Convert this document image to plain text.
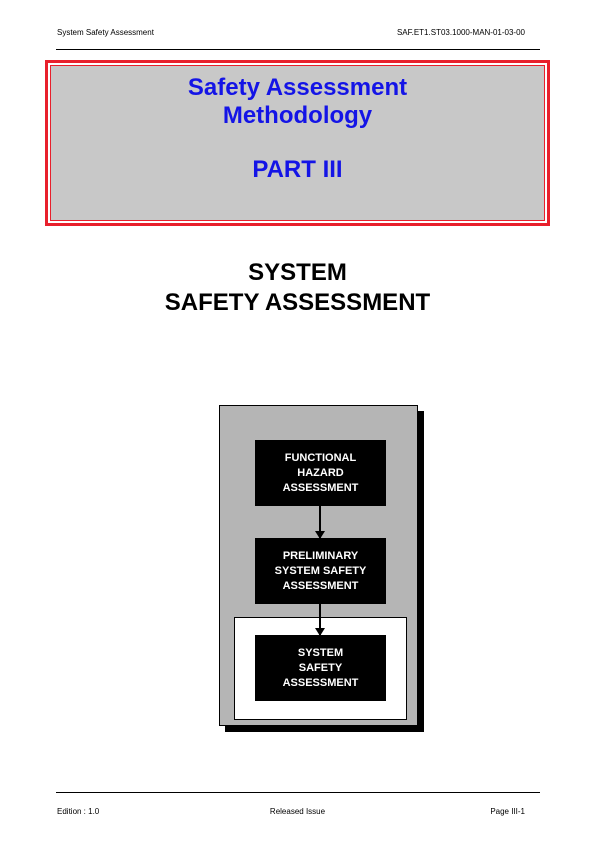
System Safety Assessment	SAF.ET1.ST03.1000-MAN-01-03-00
Safety Assessment
Methodology
PART III
SYSTEM
SAFETY ASSESSMENT
FUNCTIONAL
HAZARD
ASSESSMENT
PRELIMINARY
SYSTEM SAFETY
ASSESSMENT
SYSTEM
SAFETY
ASSESSMENT
Edition : 1.0	Released Issue	Page III-1
